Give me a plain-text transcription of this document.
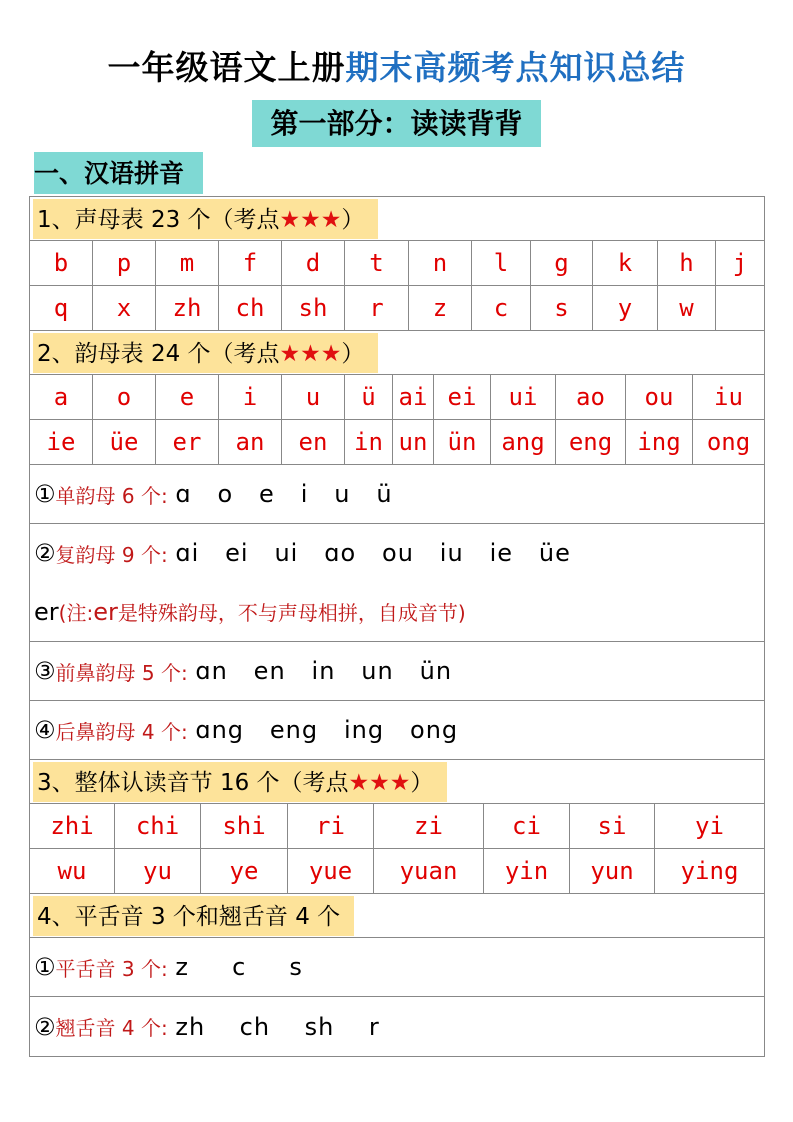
一年级语文上册期末高频考点知识总结
第一部分：读读背背
一、汉语拼音
1、声母表 23 个（考点★★★）
b	p	m	f	d	t	n	l	g	k	h	j
q	x	zh	ch	sh	r	z	c	s	y	w
2、韵母表 24 个（考点★★★）
a	o	e	i	u	ü ai ei	ui	ao	ou	iu
ie	üe	er	an	en	in un ün	ang	eng	ing	ong
① 单韵母 6 个:
ɑ   o   e   i   u   ü
② 复韵母 9 个:
ɑi   ei   ui   ɑo   ou   iu   ie   üe
er (注: er 是特殊韵母，不与声母相拼，自成音节)
③ 前鼻韵母 5 个:
ɑn   en   in   un   ün
④ 后鼻韵母 4 个:
ɑng   eng   ing   ong
3、整体认读音节 16 个（考点★★★）
zhi	chi	shi	ri	zi	ci	si	yi
wu	yu	ye	yue	yuan	yin	yun	ying
4、平舌音 3 个和翘舌音 4 个
① 平舌音 3 个:
z     c     s
② 翘舌音 4 个:
zh    ch    sh    r
